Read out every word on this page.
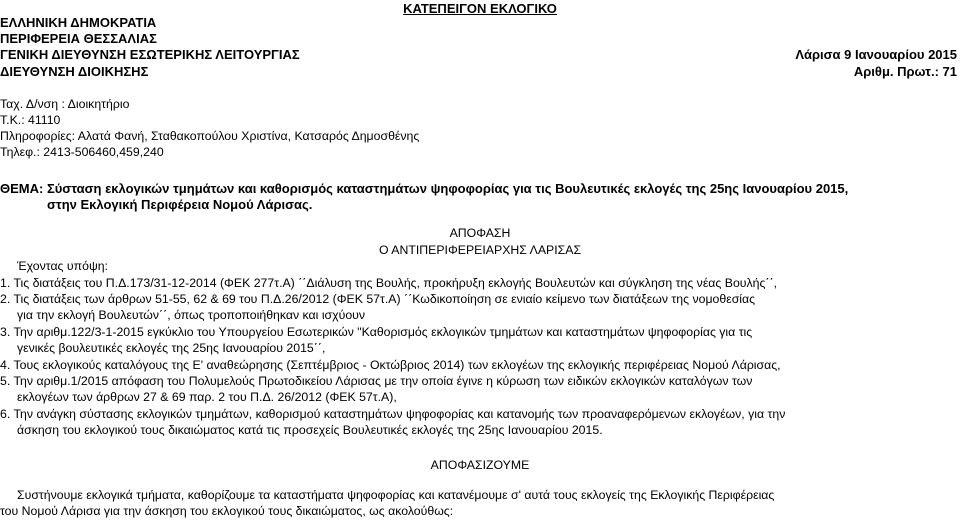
ΚΑΤΕΠΕΙΓΟΝ ΕΚΛΟΓΙΚΟ
ΕΛΛΗΝΙΚΗ ΔΗΜΟΚΡΑΤΙΑ
ΠΕΡΙΦΕΡΕΙΑ ΘΕΣΣΑΛΙΑΣ
ΓΕΝΙΚΗ ΔΙΕΥΘΥΝΣΗ ΕΣΩΤΕΡΙΚΗΣ ΛΕΙΤΟΥΡΓΙΑΣ
ΔΙΕΥΘΥΝΣΗ ΔΙΟΙΚΗΣΗΣ
Λάρισα 9 Ιανουαρίου 2015
Αριθμ. Πρωτ.: 71
Ταχ. Δ/νση : Διοικητήριο
Τ.Κ.: 41110
Πληροφορίες: Αλατά Φανή, Σταθακοπούλου Χριστίνα, Κατσαρός Δημοσθένης
Τηλεφ.: 2413-506460,459,240
ΘΕΜΑ: Σύσταση εκλογικών τμημάτων και καθορισμός καταστημάτων ψηφοφορίας για τις Βουλευτικές εκλογές της 25ης Ιανουαρίου 2015,
στην Εκλογική Περιφέρεια Νομού Λάρισας.
ΑΠΟΦΑΣΗ
Ο ΑΝΤΙΠΕΡΙΦΕΡΕΙΑΡΧΗΣ ΛΑΡΙΣΑΣ
Έχοντας υπόψη:
1. Τις διατάξεις του Π.Δ.173/31-12-2014 (ΦΕΚ 277τ.Α) ΄΄Διάλυση της Βουλής, προκήρυξη εκλογής Βουλευτών και σύγκληση της νέας Βουλής΄΄,
2. Τις διατάξεις των άρθρων 51-55, 62 & 69 του Π.Δ.26/2012 (ΦΕΚ 57τ.Α) ΄΄Κωδικοποίηση σε ενιαίο κείμενο των διατάξεων της νομοθεσίας
για την εκλογή Βουλευτών΄΄, όπως τροποποιήθηκαν και ισχύουν
3. Την αριθμ.122/3-1-2015 εγκύκλιο του Υπουργείου Εσωτερικών "Καθορισμός εκλογικών τμημάτων και καταστημάτων ψηφοφορίας για τις
γενικές βουλευτικές εκλογές της 25ης Ιανουαρίου 2015΄΄,
4. Τους εκλογικούς καταλόγους της Ε' αναθεώρησης (Σεπτέμβριος - Οκτώβριος 2014) των εκλογέων της εκλογικής περιφέρειας Νομού Λάρισας,
5. Την αριθμ.1/2015 απόφαση του Πολυμελούς Πρωτοδικείου Λάρισας με την οποία έγινε η κύρωση των ειδικών εκλογικών καταλόγων των
εκλογέων των άρθρων 27 & 69 παρ. 2 του Π.Δ. 26/2012 (ΦΕΚ 57τ.Α),
6. Την ανάγκη σύστασης εκλογικών τμημάτων, καθορισμού καταστημάτων ψηφοφορίας και κατανομής των προαναφερόμενων εκλογέων, για την
άσκηση του εκλογικού τους δικαιώματος κατά τις προσεχείς Βουλευτικές εκλογές της 25ης Ιανουαρίου 2015.
ΑΠΟΦΑΣΙΖΟΥΜΕ
Συστήνουμε εκλογικά τμήματα, καθορίζουμε τα καταστήματα ψηφοφορίας και κατανέμουμε σ' αυτά τους εκλογείς της Εκλογικής Περιφέρειας
του Νομού Λάρισα για την άσκηση του εκλογικού τους δικαιώματος, ως ακολούθως:
